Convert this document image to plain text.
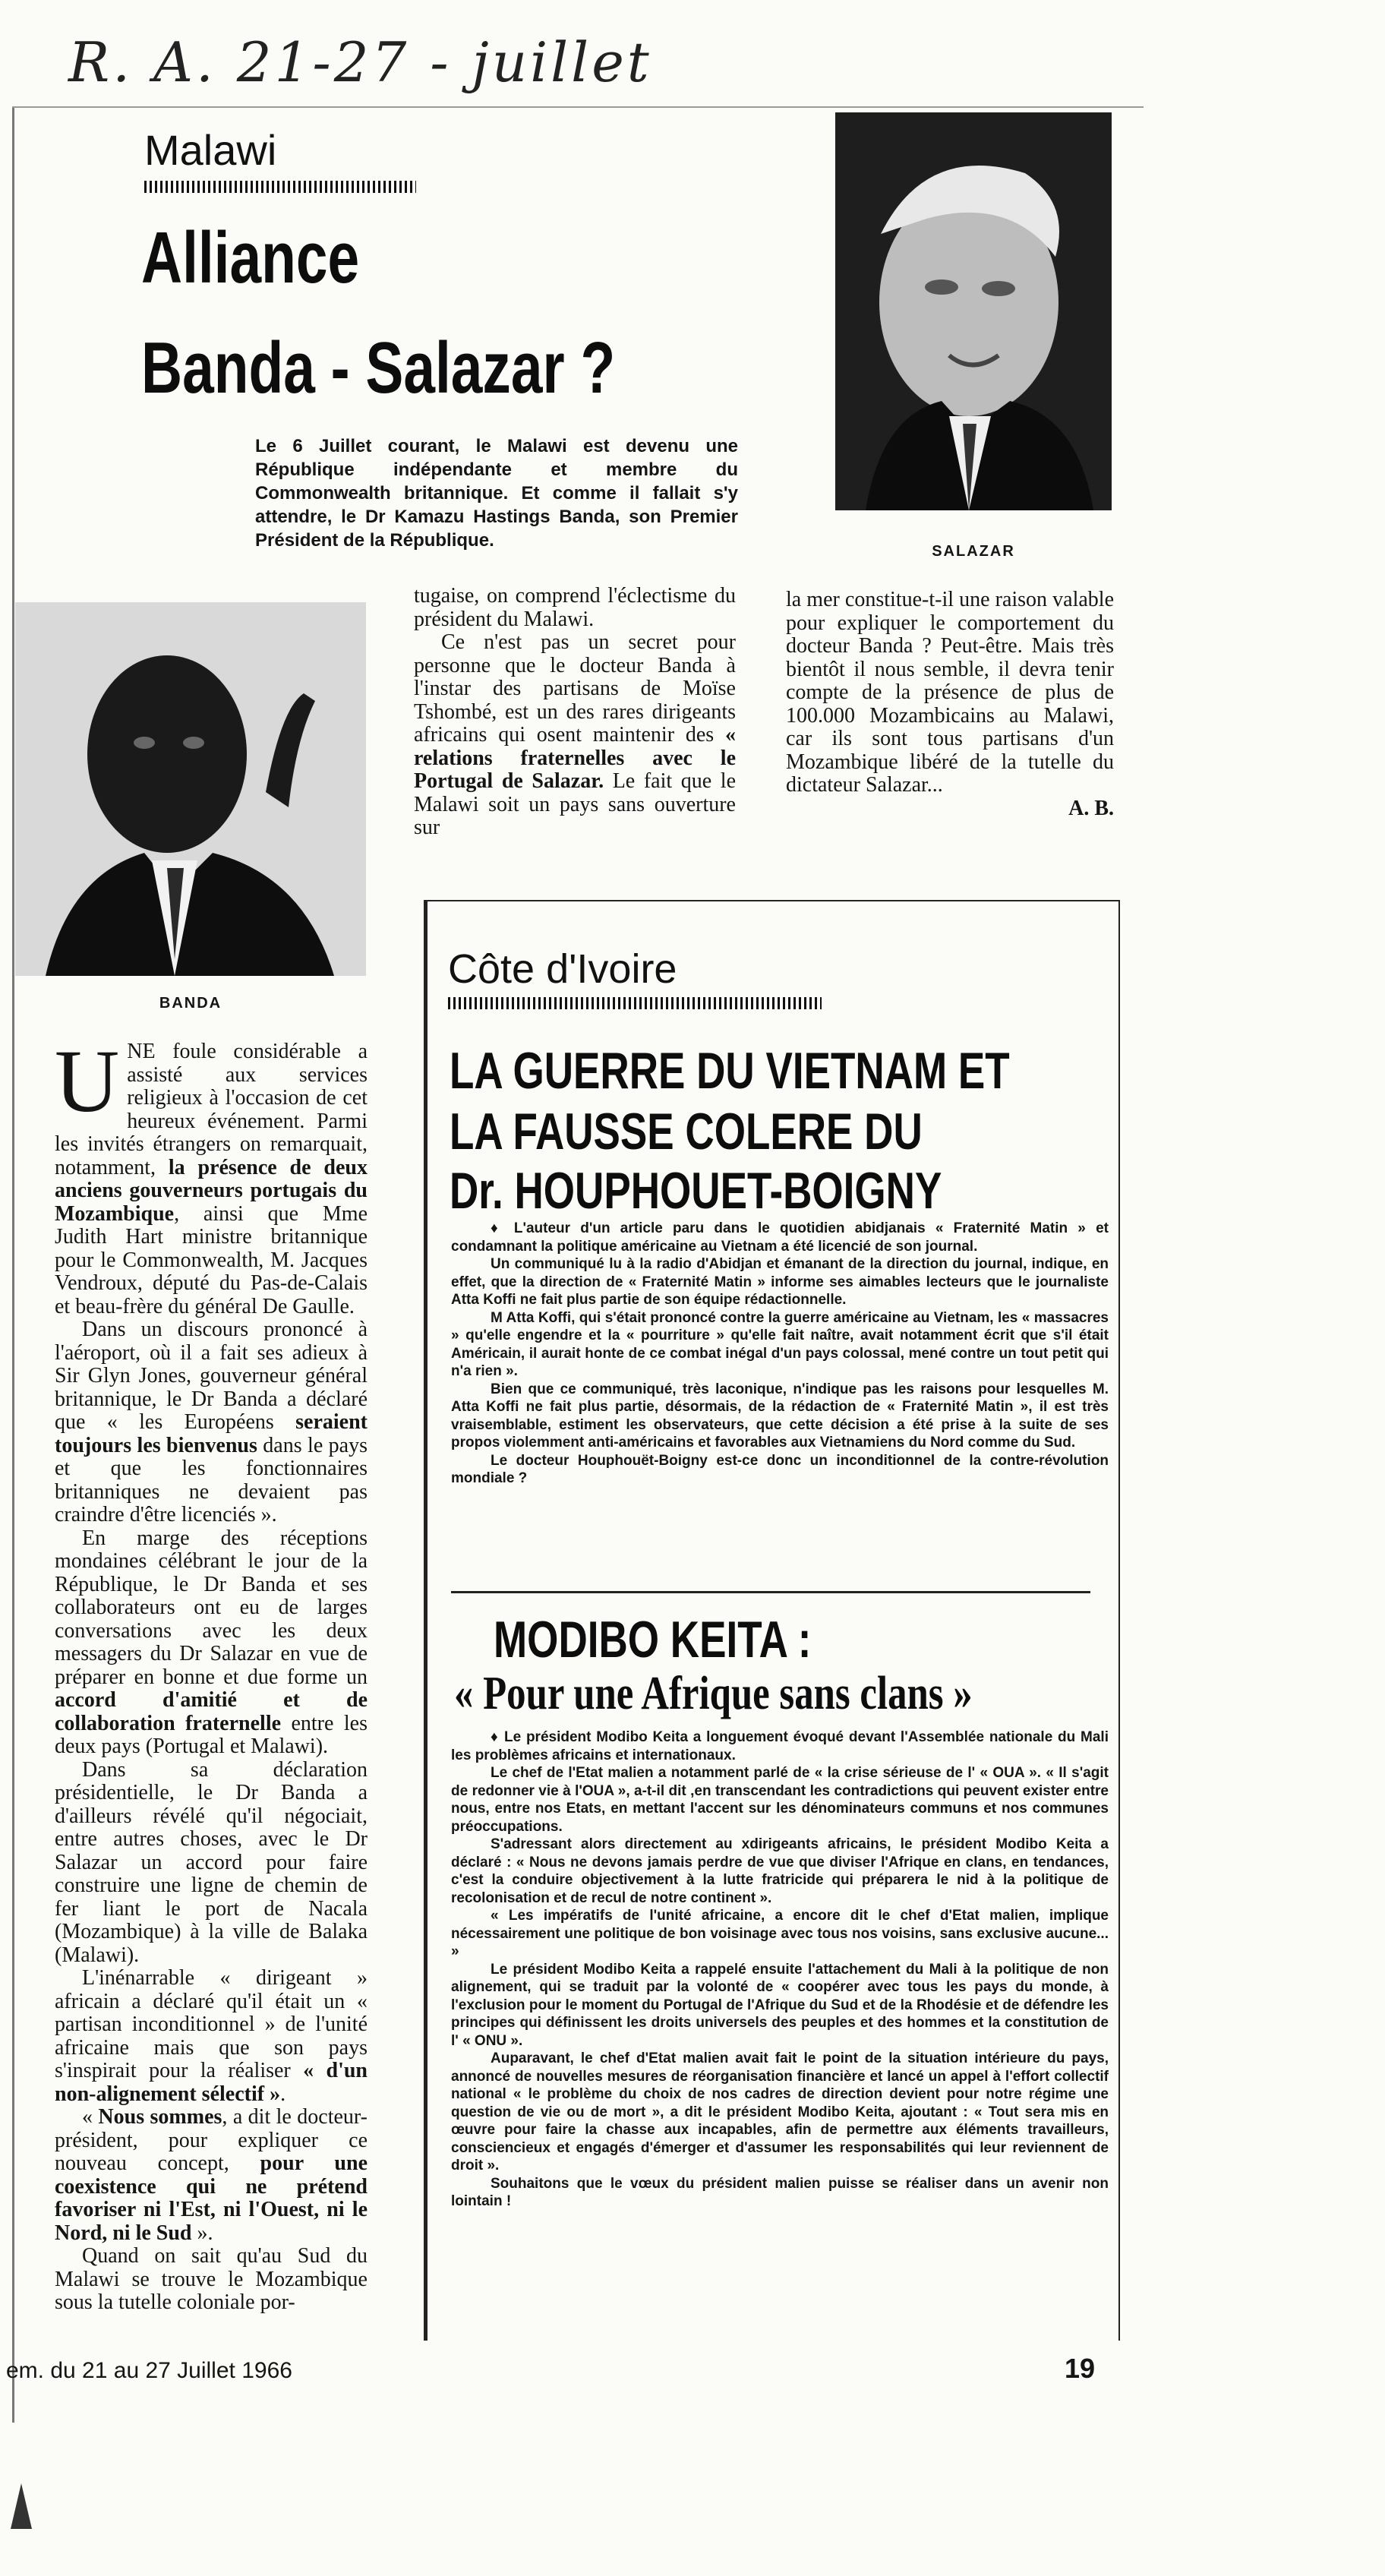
R. A. 21-27 - juillet
Malawi
Alliance
Banda - Salazar ?
Le 6 Juillet courant, le Malawi est devenu une République indépendante et membre du Commonwealth britannique. Et comme il fallait s'y attendre, le Dr Kamazu Hastings Banda, son Premier Président de la République.
SALAZAR
BANDA

UNE foule considérable a assisté aux services religieux à l'occasion de cet heureux événement. Parmi les invités étrangers on remarquait, notamment, la présence de deux anciens gouverneurs portugais du Mozambique, ainsi que Mme Judith Hart ministre britannique pour le Commonwealth, M. Jacques Vendroux, député du Pas-de-Calais et beau-frère du général De Gaulle.

Dans un discours prononcé à l'aéroport, où il a fait ses adieux à Sir Glyn Jones, gouverneur général britannique, le Dr Banda a déclaré que « les Européens seraient toujours les bienvenus dans le pays et que les fonctionnaires britanniques ne devaient pas craindre d'être licenciés ».

En marge des réceptions mondaines célébrant le jour de la République, le Dr Banda et ses collaborateurs ont eu de larges conversations avec les deux messagers du Dr Salazar en vue de préparer en bonne et due forme un accord d'amitié et de collaboration fraternelle entre les deux pays (Portugal et Malawi).

Dans sa déclaration présidentielle, le Dr Banda a d'ailleurs révélé qu'il négociait, entre autres choses, avec le Dr Salazar un accord pour faire construire une ligne de chemin de fer liant le port de Nacala (Mozambique) à la ville de Balaka (Malawi).

L'inénarrable « dirigeant » africain a déclaré qu'il était un « partisan inconditionnel » de l'unité africaine mais que son pays s'inspirait pour la réaliser « d'un non-alignement sélectif ».

« Nous sommes, a dit le docteur-président, pour expliquer ce nouveau concept, pour une coexistence qui ne prétend favoriser ni l'Est, ni l'Ouest, ni le Nord, ni le Sud ».

Quand on sait qu'au Sud du Malawi se trouve le Mozambique sous la tutelle coloniale por-

tugaise, on comprend l'éclectisme du président du Malawi.

Ce n'est pas un secret pour personne que le docteur Banda à l'instar des partisans de Moïse Tshombé, est un des rares dirigeants africains qui osent maintenir des « relations fraternelles avec le Portugal de Salazar. Le fait que le Malawi soit un pays sans ouverture sur

la mer constitue-t-il une raison valable pour expliquer le comportement du docteur Banda ? Peut-être. Mais très bientôt il nous semble, il devra tenir compte de la présence de plus de 100.000 Mozambicains au Malawi, car ils sont tous partisans d'un Mozambique libéré de la tutelle du dictateur Salazar...

A. B.

Côte d'Ivoire
LA GUERRE DU VIETNAM ET
LA FAUSSE COLERE DU
Dr. HOUPHOUET-BOIGNY

♦ L'auteur d'un article paru dans le quotidien abidjanais « Fraternité Matin » et condamnant la politique américaine au Vietnam a été licencié de son journal.

Un communiqué lu à la radio d'Abidjan et émanant de la direction du journal, indique, en effet, que la direction de « Fraternité Matin » informe ses aimables lecteurs que le journaliste Atta Koffi ne fait plus partie de son équipe rédactionnelle.

M Atta Koffi, qui s'était prononcé contre la guerre américaine au Vietnam, les « massacres » qu'elle engendre et la « pourriture » qu'elle fait naître, avait notamment écrit que s'il était Américain, il aurait honte de ce combat inégal d'un pays colossal, mené contre un tout petit qui n'a rien ».

Bien que ce communiqué, très laconique, n'indique pas les raisons pour lesquelles M. Atta Koffi ne fait plus partie, désormais, de la rédaction de « Fraternité Matin », il est très vraisemblable, estiment les observateurs, que cette décision a été prise à la suite de ses propos violemment anti-américains et favorables aux Vietnamiens du Nord comme du Sud.

Le docteur Houphouët-Boigny est-ce donc un inconditionnel de la contre-révolution mondiale ?

MODIBO KEITA :
« Pour une Afrique sans clans »

♦ Le président Modibo Keita a longuement évoqué devant l'Assemblée nationale du Mali les problèmes africains et internationaux.

Le chef de l'Etat malien a notamment parlé de « la crise sérieuse de l' « OUA ». « Il s'agit de redonner vie à l'OUA », a-t-il dit ,en transcendant les contradictions qui peuvent exister entre nous, entre nos Etats, en mettant l'accent sur les dénominateurs communs et nos communes préoccupations.

S'adressant alors directement au xdirigeants africains, le président Modibo Keita a déclaré : « Nous ne devons jamais perdre de vue que diviser l'Afrique en clans, en tendances, c'est la conduire objectivement à la lutte fratricide qui préparera le nid à la politique de recolonisation et de recul de notre continent ».

« Les impératifs de l'unité africaine, a encore dit le chef d'Etat malien, implique nécessairement une politique de bon voisinage avec tous nos voisins, sans exclusive aucune... »

Le président Modibo Keita a rappelé ensuite l'attachement du Mali à la politique de non alignement, qui se traduit par la volonté de « coopérer avec tous les pays du monde, à l'exclusion pour le moment du Portugal de l'Afrique du Sud et de la Rhodésie et de défendre les principes qui définissent les droits universels des peuples et des hommes et la constitution de l' « ONU ».

Auparavant, le chef d'Etat malien avait fait le point de la situation intérieure du pays, annoncé de nouvelles mesures de réorganisation financière et lancé un appel à l'effort collectif national « le problème du choix de nos cadres de direction devient pour notre régime une question de vie ou de mort », a dit le président Modibo Keita, ajoutant : « Tout sera mis en œuvre pour faire la chasse aux incapables, afin de permettre aux éléments travailleurs, consciencieux et engagés d'émerger et d'assumer les responsabilités qui leur reviennent de droit ».

Souhaitons que le vœux du président malien puisse se réaliser dans un avenir non lointain !

em. du 21 au 27 Juillet 1966	19
